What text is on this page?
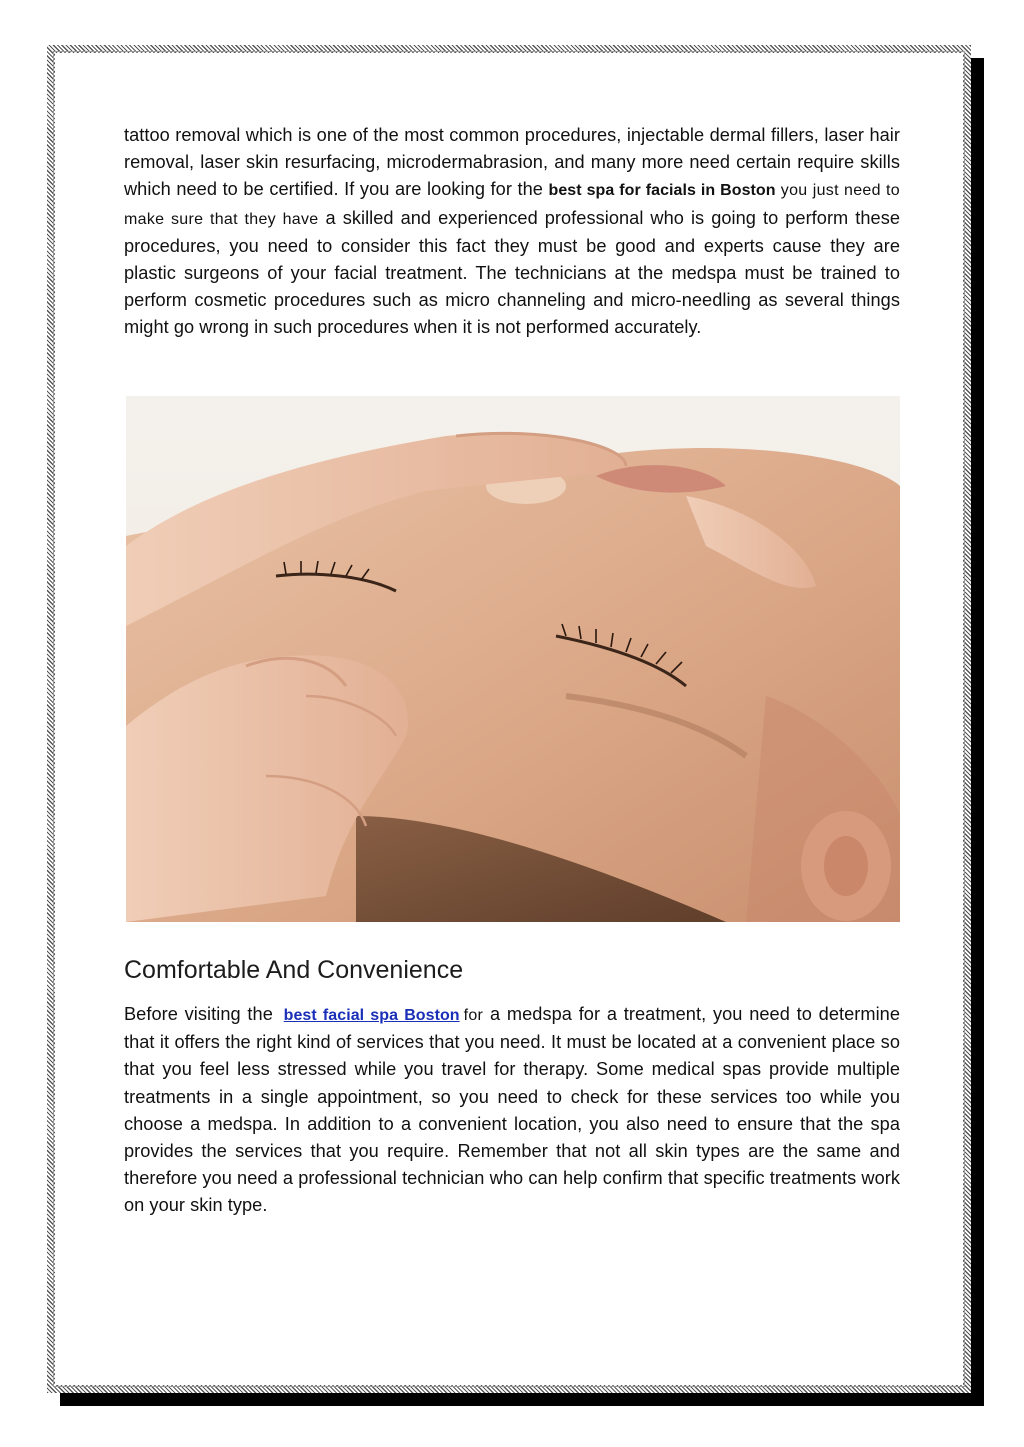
tattoo removal which is one of the most common procedures, injectable dermal fillers, laser hair removal, laser skin resurfacing, microdermabrasion, and many more need certain require skills which need to be certified. If you are looking for the best spa for facials in Boston you just need to make sure that they have a skilled and experienced professional who is going to perform these procedures, you need to consider this fact they must be good and experts cause they are plastic surgeons of your facial treatment. The technicians at the medspa must be trained to perform cosmetic procedures such as micro channeling and micro-needling as several things might go wrong in such procedures when it is not performed accurately.

Comfortable And Convenience

Before visiting the best facial spa Boston for a medspa for a treatment, you need to determine that it offers the right kind of services that you need. It must be located at a convenient place so that you feel less stressed while you travel for therapy. Some medical spas provide multiple treatments in a single appointment, so you need to check for these services too while you choose a medspa. In addition to a convenient location, you also need to ensure that the spa provides the services that you require. Remember that not all skin types are the same and therefore you need a professional technician who can help confirm that specific treatments work on your skin type.
